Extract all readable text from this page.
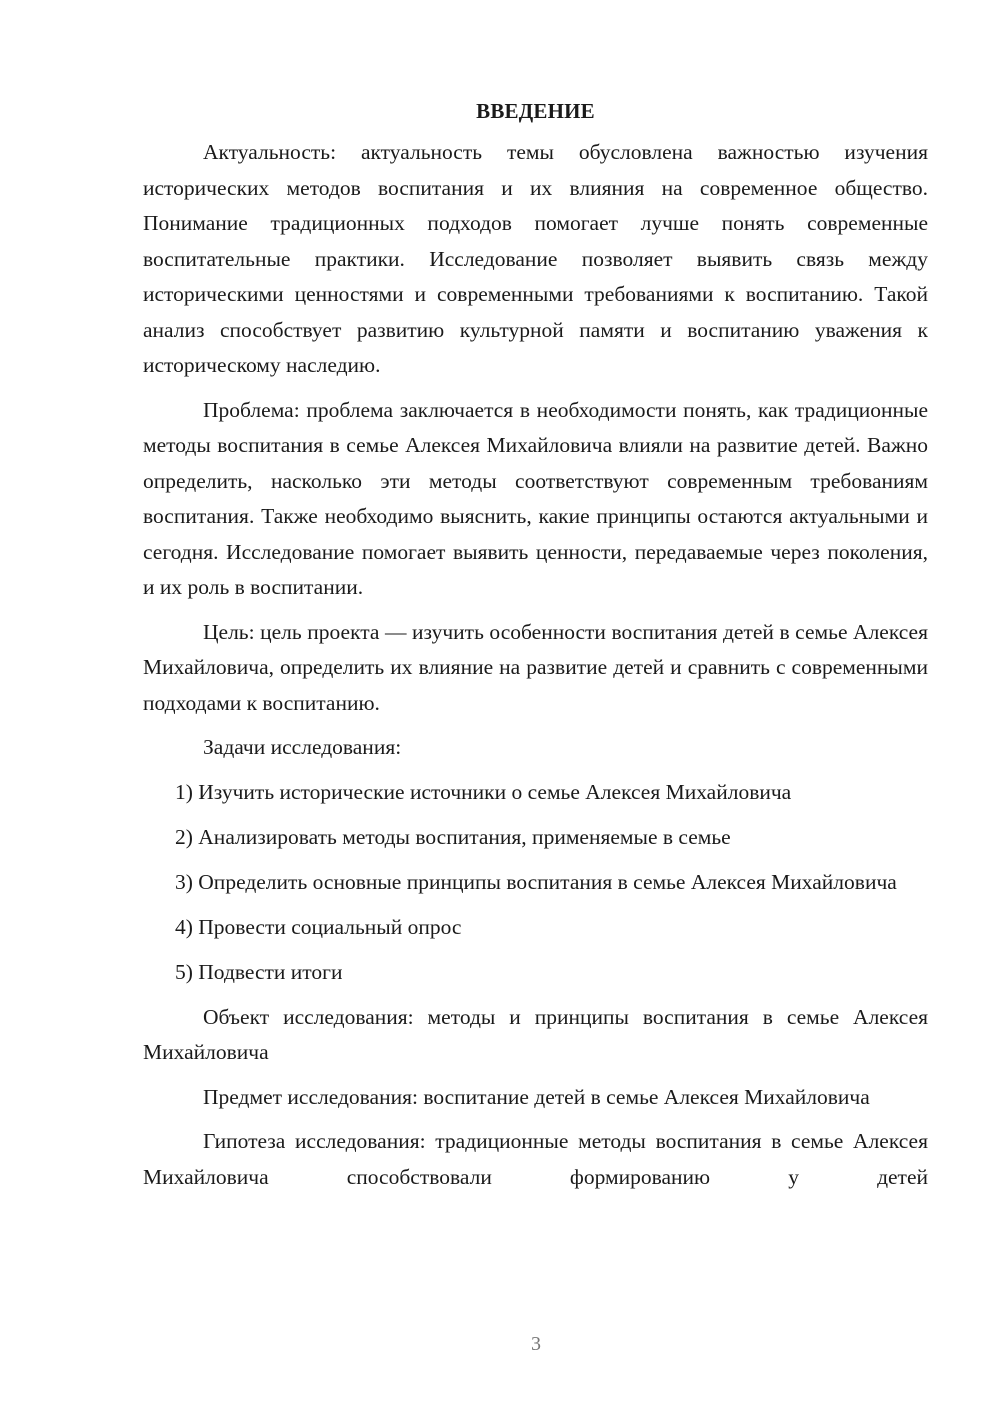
ВВЕДЕНИЕ

Актуальность: актуальность темы обусловлена важностью изучения исторических методов воспитания и их влияния на современное общество. Понимание традиционных подходов помогает лучше понять современные воспитательные практики. Исследование позволяет выявить связь между историческими ценностями и современными требованиями к воспитанию. Такой анализ способствует развитию культурной памяти и воспитанию уважения к историческому наследию.

Проблема: проблема заключается в необходимости понять, как традиционные методы воспитания в семье Алексея Михайловича влияли на развитие детей. Важно определить, насколько эти методы соответствуют современным требованиям воспитания. Также необходимо выяснить, какие принципы остаются актуальными и сегодня. Исследование помогает выявить ценности, передаваемые через поколения, и их роль в воспитании.

Цель: цель проекта — изучить особенности воспитания детей в семье Алексея Михайловича, определить их влияние на развитие детей и сравнить с современными подходами к воспитанию.

Задачи исследования:

1) Изучить исторические источники о семье Алексея Михайловича

2) Анализировать методы воспитания, применяемые в семье

3) Определить основные принципы воспитания в семье Алексея Михайловича

4) Провести социальный опрос

5) Подвести итоги

Объект исследования: методы и принципы воспитания в семье Алексея Михайловича

Предмет исследования: воспитание детей в семье Алексея Михайловича

Гипотеза исследования: традиционные методы воспитания в семье Алексея Михайловича способствовали формированию у детей

3
